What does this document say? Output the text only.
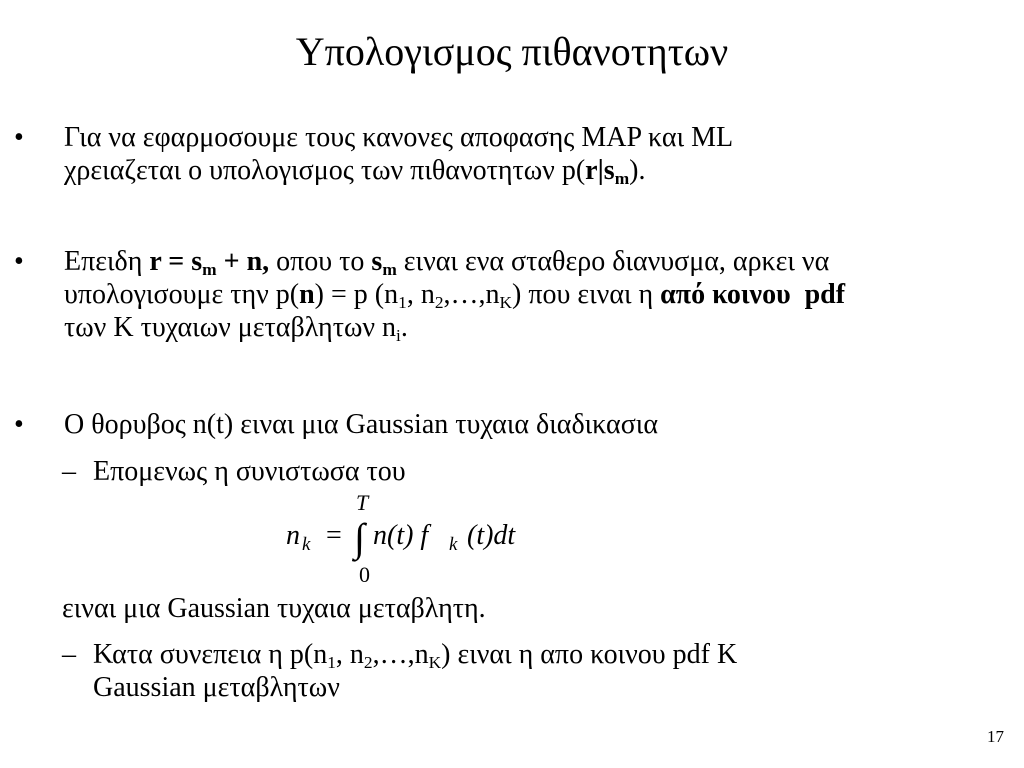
Υπολογισμος πιθανοτητων
• Για να εφαρμοσουμε τους κανονες αποφασης MAP και ML
χρειαζεται ο υπολογισμος των πιθανοτητων $p(r|s_m)$.
• Επειδη $r = s_m + n$, οπου το $s_m$ ειναι ενα σταθερο διανυσμα, αρκει να
υπολογισουμε την p(n) = p ($n_1$, $n_2,\dots,n_K$) που ειναι η από κοινου pdf
των K τυχαιων μεταβλητων $n_i$.
• Ο θορυβος n(t) ειναι μια Gaussian τυχαια διαδικασια
– Επομενως η συνιστωσα του
T
n k = ∫ n(t) f k (t)dt
0
ειναι μια Gaussian τυχαια μεταβλητη.
– Κατα συνεπεια η $p(n_1$, $n_2,\dots,n_K$) ειναι η απο κοινου pdf K
Gaussian μεταβλητων
17
